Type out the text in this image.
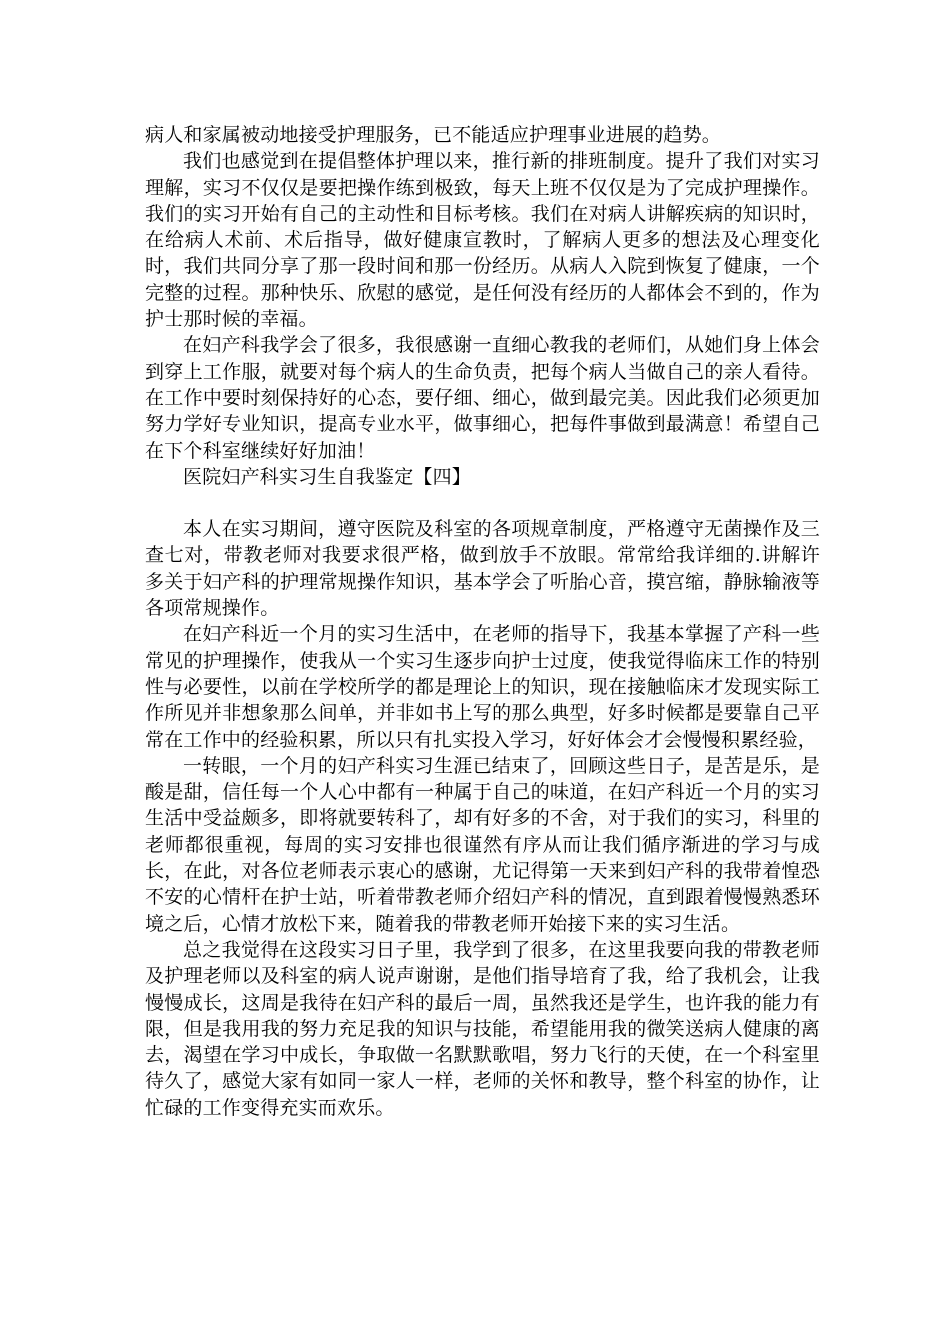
病人和家属被动地接受护理服务，已不能适应护理事业进展的趋势。

我们也感觉到在提倡整体护理以来，推行新的排班制度。提升了我们对实习理解，实习不仅仅是要把操作练到极致，每天上班不仅仅是为了完成护理操作。我们的实习开始有自己的主动性和目标考核。我们在对病人讲解疾病的知识时，在给病人术前、术后指导，做好健康宣教时，了解病人更多的想法及心理变化时，我们共同分享了那一段时间和那一份经历。从病人入院到恢复了健康，一个完整的过程。那种快乐、欣慰的感觉，是任何没有经历的人都体会不到的，作为护士那时候的幸福。

在妇产科我学会了很多，我很感谢一直细心教我的老师们，从她们身上体会到穿上工作服，就要对每个病人的生命负责，把每个病人当做自己的亲人看待。在工作中要时刻保持好的心态，要仔细、细心，做到最完美。因此我们必须更加努力学好专业知识，提高专业水平，做事细心，把每件事做到最满意！希望自己在下个科室继续好好加油！

医院妇产科实习生自我鉴定【四】

本人在实习期间，遵守医院及科室的各项规章制度，严格遵守无菌操作及三查七对，带教老师对我要求很严格，做到放手不放眼。常常给我详细的.讲解许多关于妇产科的护理常规操作知识，基本学会了听胎心音，摸宫缩，静脉输液等各项常规操作。

在妇产科近一个月的实习生活中，在老师的指导下，我基本掌握了产科一些常见的护理操作，使我从一个实习生逐步向护士过度，使我觉得临床工作的特别性与必要性，以前在学校所学的都是理论上的知识，现在接触临床才发现实际工作所见并非想象那么间单，并非如书上写的那么典型，好多时候都是要靠自己平常在工作中的经验积累，所以只有扎实投入学习，好好体会才会慢慢积累经验，

一转眼，一个月的妇产科实习生涯已结束了，回顾这些日子，是苦是乐，是酸是甜，信任每一个人心中都有一种属于自己的味道，在妇产科近一个月的实习生活中受益颇多，即将就要转科了，却有好多的不舍，对于我们的实习，科里的老师都很重视，每周的实习安排也很谨然有序从而让我们循序渐进的学习与成长，在此，对各位老师表示衷心的感谢，尤记得第一天来到妇产科的我带着惶恐不安的心情杆在护士站，听着带教老师介绍妇产科的情况，直到跟着慢慢熟悉环境之后，心情才放松下来，随着我的带教老师开始接下来的实习生活。

总之我觉得在这段实习日子里，我学到了很多，在这里我要向我的带教老师及护理老师以及科室的病人说声谢谢，是他们指导培育了我，给了我机会，让我慢慢成长，这周是我待在妇产科的最后一周，虽然我还是学生，也许我的能力有限，但是我用我的努力充足我的知识与技能，希望能用我的微笑送病人健康的离去，渴望在学习中成长，争取做一名默默歌唱，努力飞行的天使，在一个科室里待久了，感觉大家有如同一家人一样，老师的关怀和教导，整个科室的协作，让忙碌的工作变得充实而欢乐。
